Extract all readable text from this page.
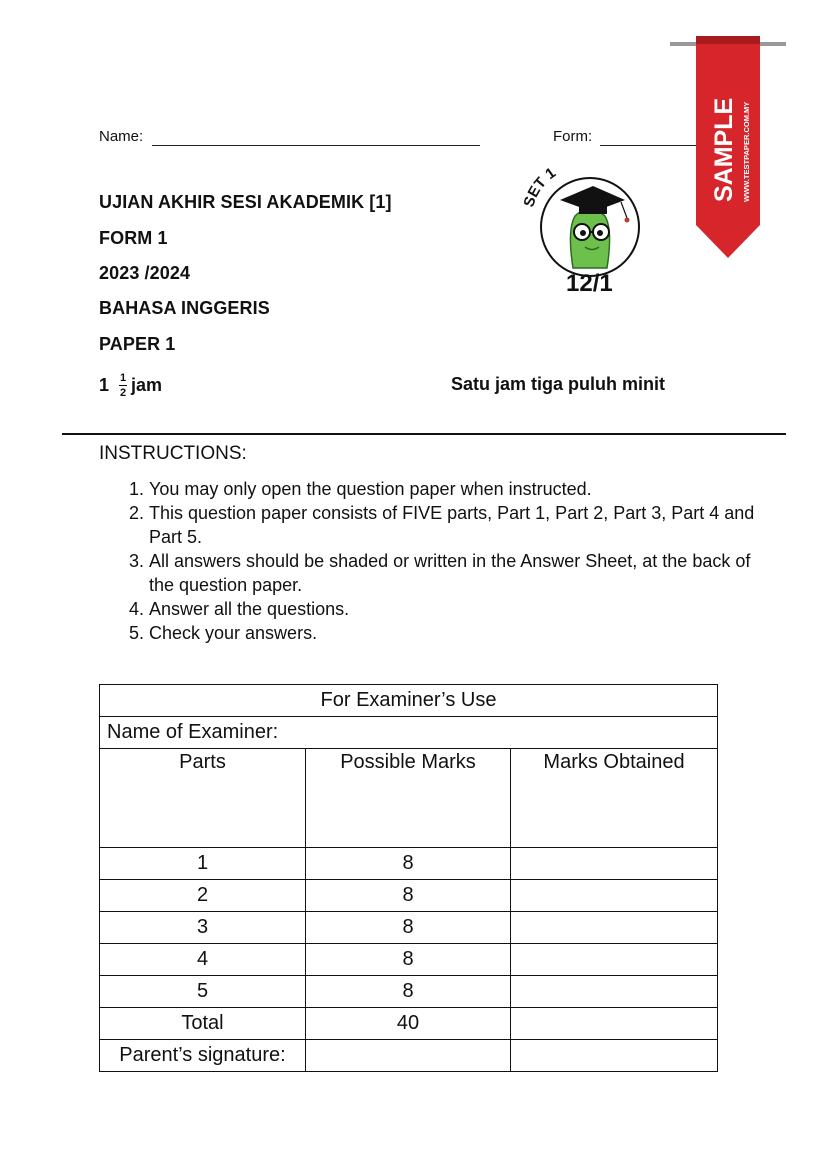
Name:	Form:
UJIAN AKHIR SESI AKADEMIK [1]
FORM 1
2023 /2024
BAHASA INGGERIS
PAPER 1
$1 \frac{1}{2}$ jam	Satu jam tiga puluh minit
SET 1
12/1
SAMPLE WWW.TESTPAPER.COM.MY
INSTRUCTIONS:
1. You may only open the question paper when instructed.
2. This question paper consists of FIVE parts, Part 1, Part 2, Part 3, Part 4 and Part 5.
3. All answers should be shaded or written in the Answer Sheet, at the back of the question paper.
4. Answer all the questions.
5. Check your answers.
For Examiner’s Use		
Name of Examiner:		
Parts	Possible Marks	Marks Obtained
1	8	
2	8	
3	8	
4	8	
5	8	
Total	40	
Parent’s signature:		
